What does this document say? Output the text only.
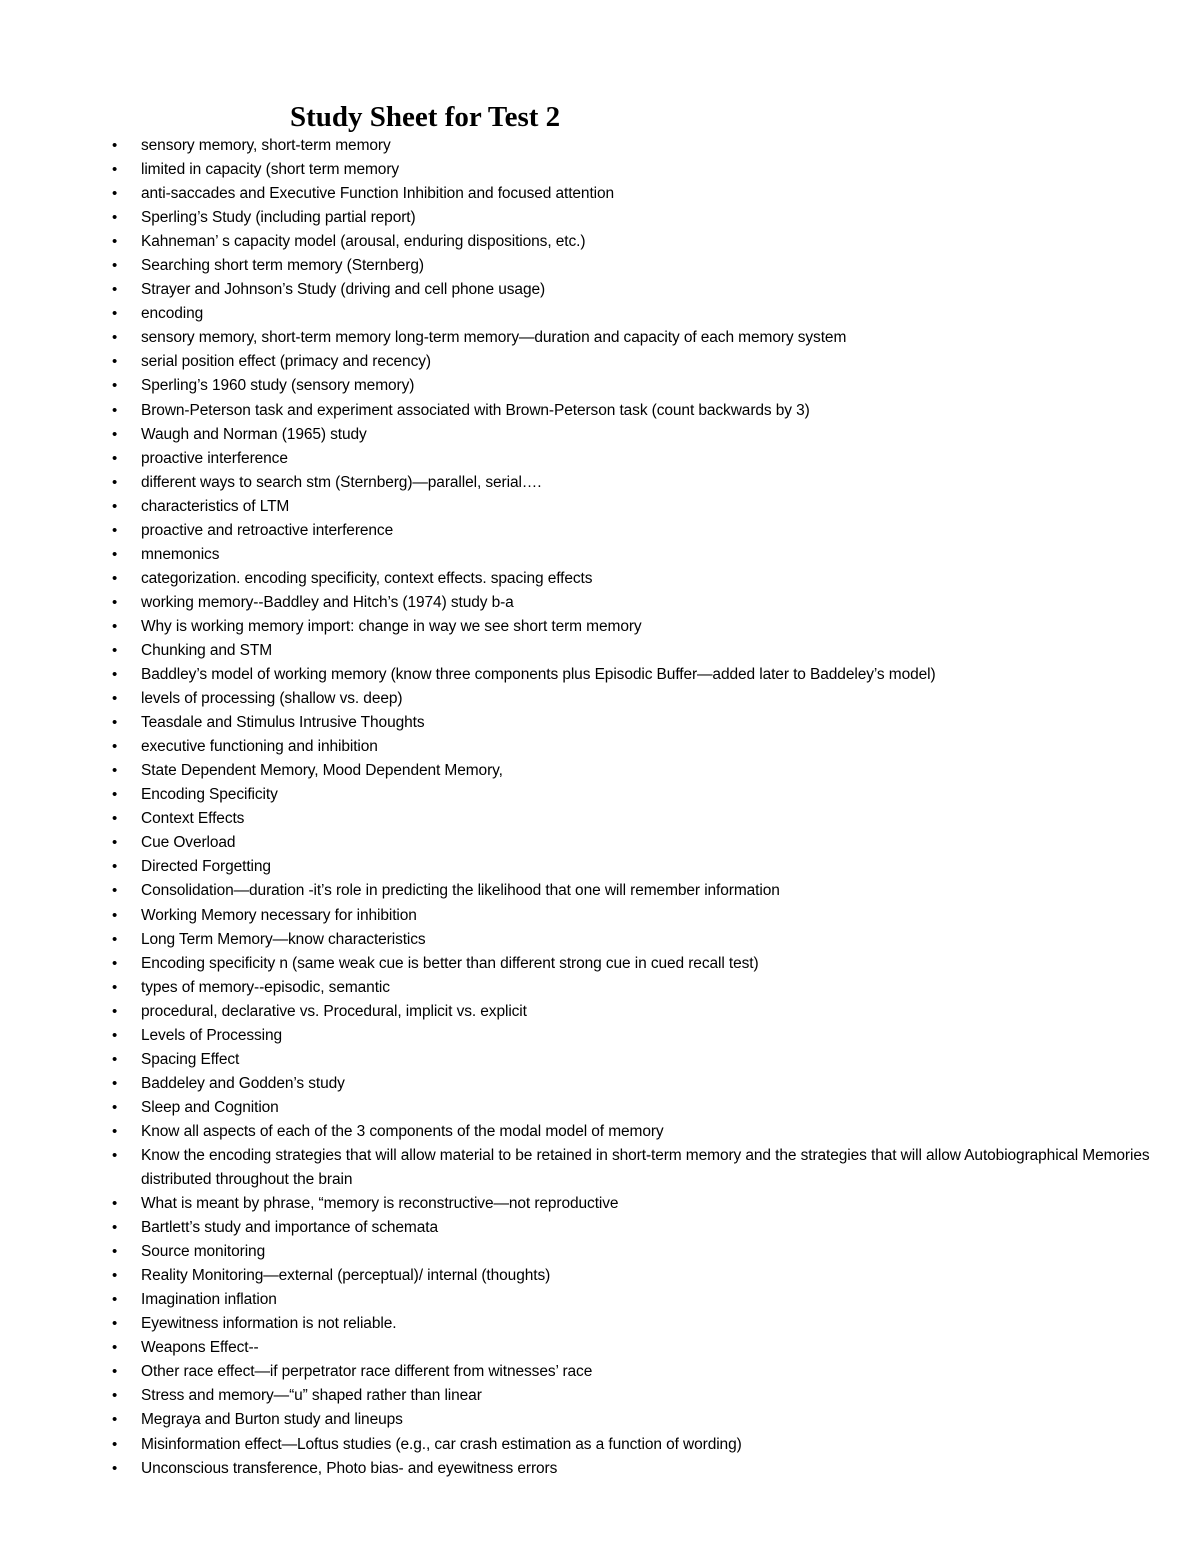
Study Sheet for Test 2
• sensory memory, short-term memory
• limited in capacity (short term memory
• anti-saccades and Executive Function Inhibition and focused attention
• Sperling’s Study (including partial report)
• Kahneman’ s capacity model (arousal, enduring dispositions, etc.)
• Searching short term memory (Sternberg)
• Strayer and Johnson’s Study (driving and cell phone usage)
• encoding
• sensory memory, short-term memory long-term memory—duration and capacity of each memory system
• serial position effect (primacy and recency)
• Sperling’s 1960 study (sensory memory)
• Brown-Peterson task and experiment associated with Brown-Peterson task (count backwards by 3)
• Waugh and Norman (1965) study
• proactive interference
• different ways to search stm (Sternberg)—parallel, serial….
• characteristics of LTM
• proactive and retroactive interference
• mnemonics
• categorization. encoding specificity, context effects. spacing effects
• working memory--Baddley and Hitch’s (1974) study b-a
• Why is working memory import: change in way we see short term memory
• Chunking and STM
• Baddley’s model of working memory (know three components plus Episodic Buffer—added later to Baddeley’s model)
• levels of processing (shallow vs. deep)
• Teasdale and Stimulus Intrusive Thoughts
• executive functioning and inhibition
• State Dependent Memory, Mood Dependent Memory,
• Encoding Specificity
• Context Effects
• Cue Overload
• Directed Forgetting
• Consolidation—duration -it’s role in predicting the likelihood that one will remember information
• Working Memory necessary for inhibition
• Long Term Memory—know characteristics
• Encoding specificity n (same weak cue is better than different strong cue in cued recall test)
• types of memory--episodic, semantic
• procedural, declarative vs. Procedural, implicit vs. explicit
• Levels of Processing
• Spacing Effect
• Baddeley and Godden’s study
• Sleep and Cognition
• Know all aspects of each of the 3 components of the modal model of memory
• Know the encoding strategies that will allow material to be retained in short-term memory and the strategies that will allow Autobiographical Memories distributed throughout the brain
• What is meant by phrase, “memory is reconstructive—not reproductive
• Bartlett’s study and importance of schemata
• Source monitoring
• Reality Monitoring—external (perceptual)/ internal (thoughts)
• Imagination inflation
• Eyewitness information is not reliable.
• Weapons Effect--
• Other race effect—if perpetrator race different from witnesses’ race
• Stress and memory—“u” shaped rather than linear
• Megraya and Burton study and lineups
• Misinformation effect—Loftus studies (e.g., car crash estimation as a function of wording)
• Unconscious transference, Photo bias- and eyewitness errors
